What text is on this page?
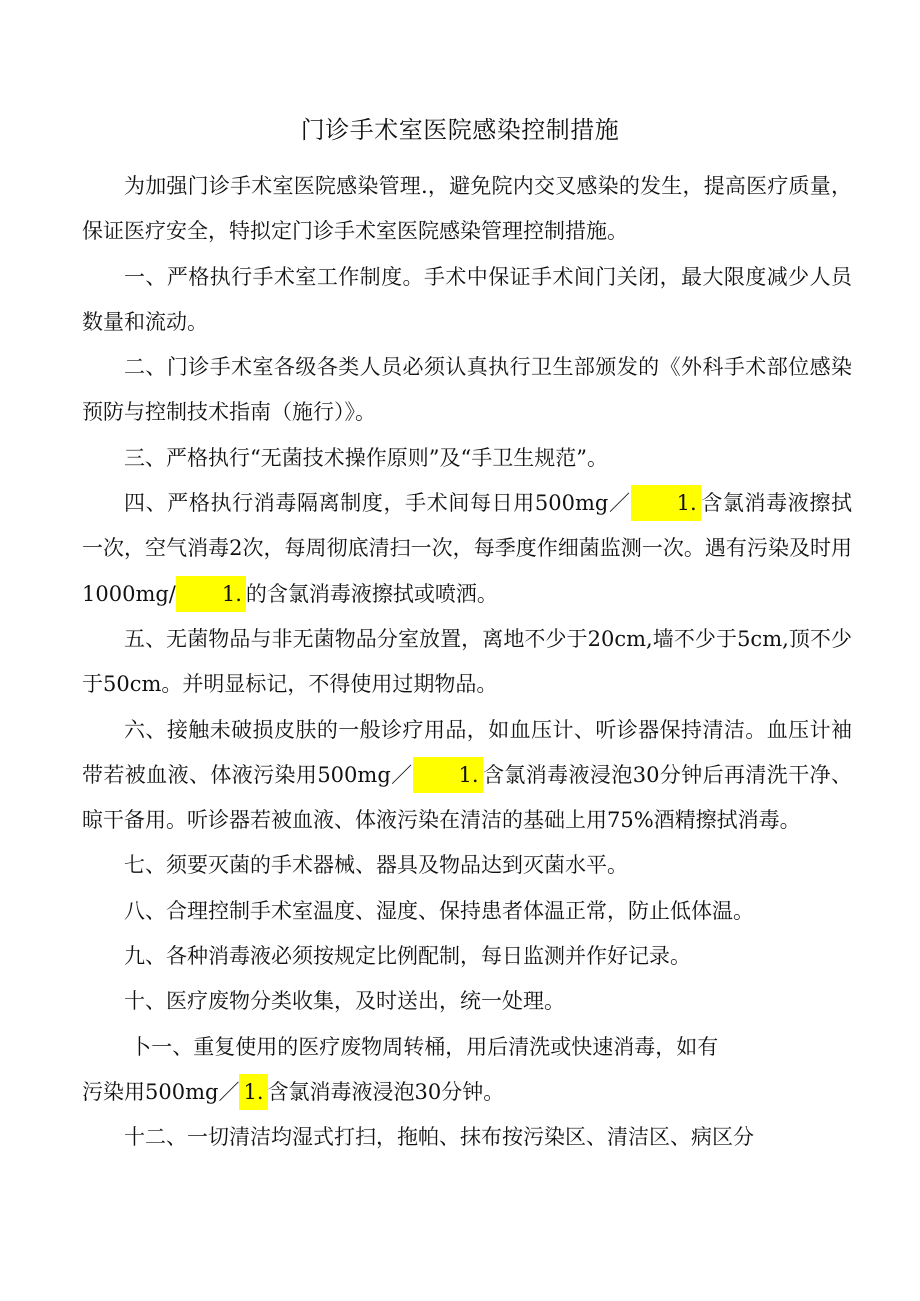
门诊手术室医院感染控制措施

为加强门诊手术室医院感染管理.，避免院内交叉感染的发生，提高医疗质量，保证医疗安全，特拟定门诊手术室医院感染管理控制措施。

一、严格执行手术室工作制度。手术中保证手术间门关闭，最大限度减少人员数量和流动。

二、门诊手术室各级各类人员必须认真执行卫生部颁发的《外科手术部位感染预防与控制技术指南（施行）》。

三、严格执行“无菌技术操作原则”及“手卫生规范”。

四、严格执行消毒隔离制度，手术间每日用500mg／ 1. 含氯消毒液擦拭一次，空气消毒2次，每周彻底清扫一次，每季度作细菌监测一次。遇有污染及时用1000mg/ 1. 的含氯消毒液擦拭或喷洒。

五、无菌物品与非无菌物品分室放置，离地不少于20cm,墙不少于5cm,顶不少于50cm。并明显标记，不得使用过期物品。

六、接触未破损皮肤的一般诊疗用品，如血压计、听诊器保持清洁。血压计袖带若被血液、体液污染用500mg／ 1. 含氯消毒液浸泡30分钟后再清洗干净、晾干备用。听诊器若被血液、体液污染在清洁的基础上用75%酒精擦拭消毒。

七、须要灭菌的手术器械、器具及物品达到灭菌水平。

八、合理控制手术室温度、湿度、保持患者体温正常，防止低体温。

九、各种消毒液必须按规定比例配制，每日监测并作好记录。

十、医疗废物分类收集，及时送出，统一处理。

卜一、重复使用的医疗废物周转桶，用后清洗或快速消毒，如有
污染用500mg／ 1. 含氯消毒液浸泡30分钟。

十二、一切清洁均湿式打扫，拖帕、抹布按污染区、清洁区、病区分
